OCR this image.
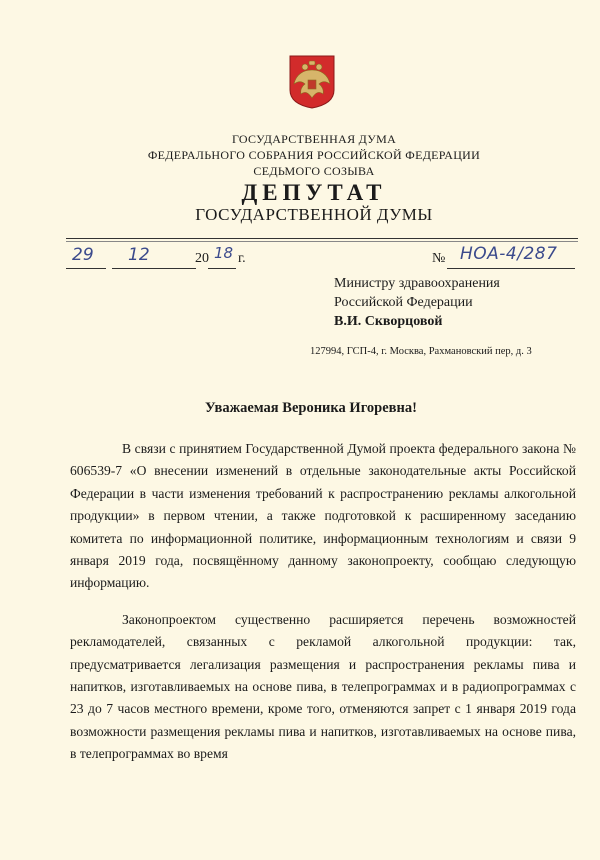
ГОСУДАРСТВЕННАЯ ДУМА
ФЕДЕРАЛЬНОГО СОБРАНИЯ РОССИЙСКОЙ ФЕДЕРАЦИИ
СЕДЬМОГО СОЗЫВА
ДЕПУТАТ
ГОСУДАРСТВЕННОЙ ДУМЫ
29 12	20 18 г.	№ НОА-4/287
Министру здравоохранения
Российской Федерации
В.И. Скворцовой
127994, ГСП-4, г. Москва, Рахмановский пер, д. 3
Уважаемая Вероника Игоревна!

В связи с принятием Государственной Думой проекта федерального закона № 606539-7 «О внесении изменений в отдельные законодательные акты Российской Федерации в части изменения требований к распространению рекламы алкогольной продукции» в первом чтении, а также подготовкой к расширенному заседанию комитета по информационной политике, информационным технологиям и связи 9 января 2019 года, посвящённому данному законопроекту, сообщаю следующую информацию.

Законопроектом существенно расширяется перечень возможностей рекламодателей, связанных с рекламой алкогольной продукции: так, предусматривается легализация размещения и распространения рекламы пива и напитков, изготавливаемых на основе пива, в телепрограммах и в радиопрограммах с 23 до 7 часов местного времени, кроме того, отменяются запрет с 1 января 2019 года возможности размещения рекламы пива и напитков, изготавливаемых на основе пива, в телепрограммах во время
